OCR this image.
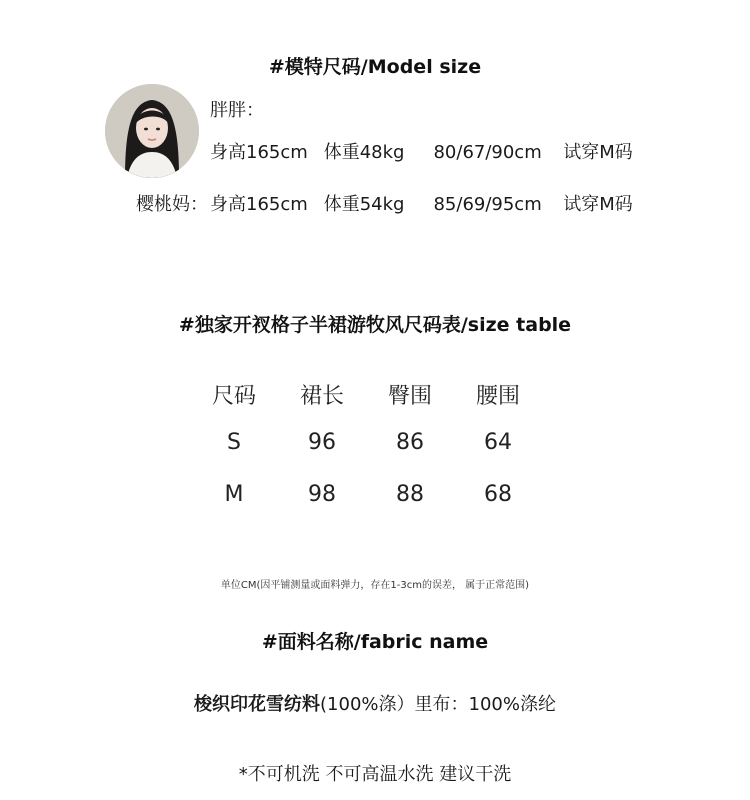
#模特尺码/Model size
胖胖：
身高165cm 体重48kg 80/67/90cm 试穿M码
樱桃妈： 身高165cm 体重54kg 85/69/95cm 试穿M码
#独家开衩格子半裙游牧风尺码表/size table
尺码	裙长	臀围	腰围
S	96	86	64
M	98	88	68
单位CM(因平铺测量或面料弹力，存在1-3cm的误差， 属于正常范围)
#面料名称/fabric name
梭织印花雪纺料(100%涤）里布：100%涤纶
*不可机洗 不可高温水洗 建议干洗
